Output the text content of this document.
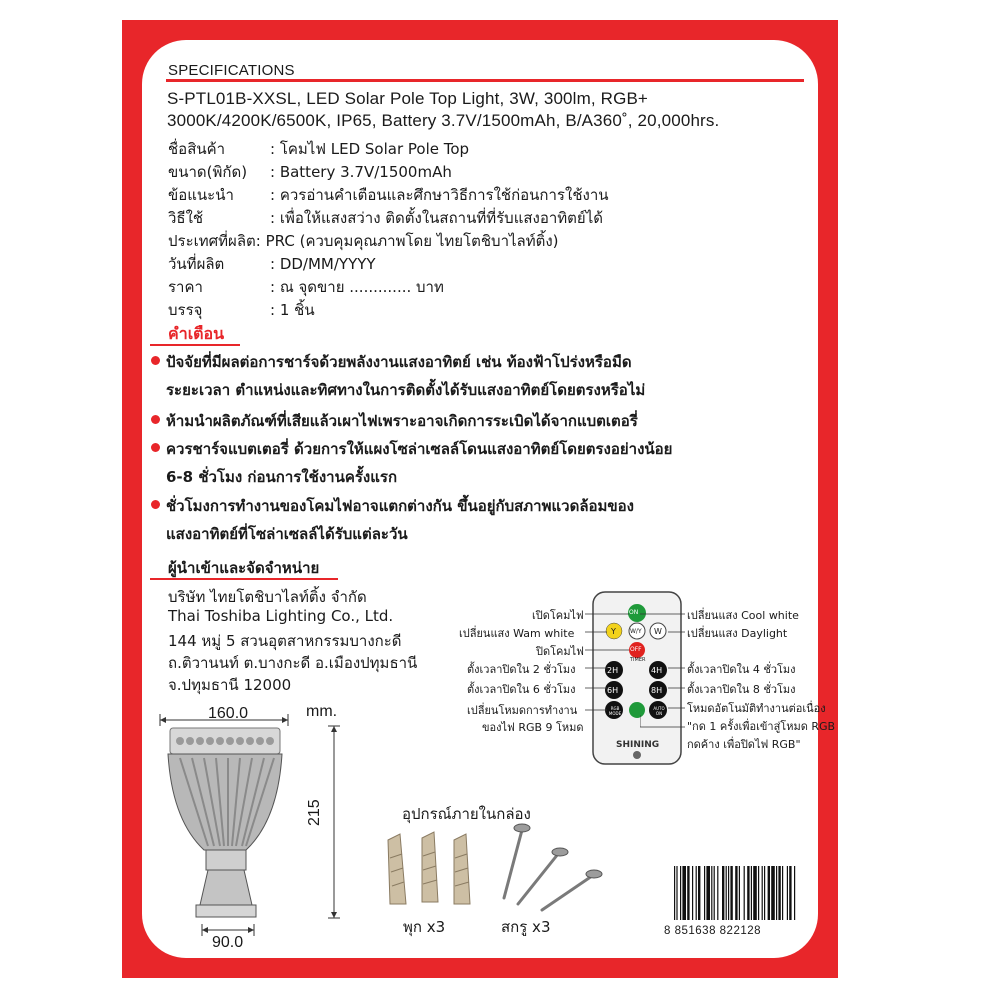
SPECIFICATIONS
S-PTL01B-XXSL, LED Solar Pole Top Light, 3W, 300lm, RGB+
3000K/4200K/6500K, IP65, Battery 3.7V/1500mAh, B/A360˚, 20,000hrs.
ชื่อสินค้า	: โคมไฟ LED Solar Pole Top
ขนาด(พิกัด) : Battery 3.7V/1500mAh
ข้อแนะนำ : ควรอ่านคำเตือนและศึกษาวิธีการใช้ก่อนการใช้งาน
วิธีใช้	: เพื่อให้แสงสว่าง ติดตั้งในสถานที่ที่รับแสงอาทิตย์ได้
ประเทศที่ผลิต: PRC (ควบคุมคุณภาพโดย ไทยโตชิบาไลท์ติ้ง)
วันที่ผลิต	: DD/MM/YYYY
ราคา	: ณ จุดขาย ............. บาท
บรรจุ	: 1 ชิ้น
คำเตือน
ปัจจัยที่มีผลต่อการชาร์จด้วยพลังงานแสงอาทิตย์ เช่น ท้องฟ้าโปร่งหรือมืด
ระยะเวลา ตำแหน่งและทิศทางในการติดตั้งได้รับแสงอาทิตย์โดยตรงหรือไม่
ห้ามนำผลิตภัณฑ์ที่เสียแล้วเผาไฟเพราะอาจเกิดการระเบิดได้จากแบตเตอรี่
ควรชาร์จแบตเตอรี่ ด้วยการให้แผงโซล่าเซลล์โดนแสงอาทิตย์โดยตรงอย่างน้อย
6-8 ชั่วโมง ก่อนการใช้งานครั้งแรก
ชั่วโมงการทำงานของโคมไฟอาจแตกต่างกัน ขึ้นอยู่กับสภาพแวดล้อมของ
แสงอาทิตย์ที่โซล่าเซลล์ได้รับแต่ละวัน
ผู้นำเข้าและจัดจำหน่าย
บริษัท ไทยโตชิบาไลท์ติ้ง จำกัด
Thai Toshiba Lighting Co., Ltd.
144 หมู่ 5 สวนอุตสาหกรรมบางกะดี
ถ.ติวานนท์ ต.บางกะดี อ.เมืองปทุมธานี
จ.ปทุมธานี 12000
160.0	mm.
215
90.0
ON
Y W/Y W
OFF
TIMER
2H	4H
6H	8H
RGB MODE
AUTO ON
SHINING
เปิดโคมไฟ
เปลี่ยนแสง Wam white
ปิดโคมไฟ
ตั้งเวลาปิดใน 2 ชั่วโมง
ตั้งเวลาปิดใน 6 ชั่วโมง
เปลี่ยนโหมดการทำงาน
ของไฟ RGB 9 โหมด
เปลี่ยนแสง Cool white
เปลี่ยนแสง Daylight
ตั้งเวลาปิดใน 4 ชั่วโมง
ตั้งเวลาปิดใน 8 ชั่วโมง
โหมดอัตโนมัติทำงานต่อเนื่อง
"กด 1 ครั้งเพื่อเข้าสู่โหมด RGB
กดค้าง เพื่อปิดไฟ RGB"
อุปกรณ์ภายในกล่อง
พุก x3	สกรู x3	8 851638 822128
